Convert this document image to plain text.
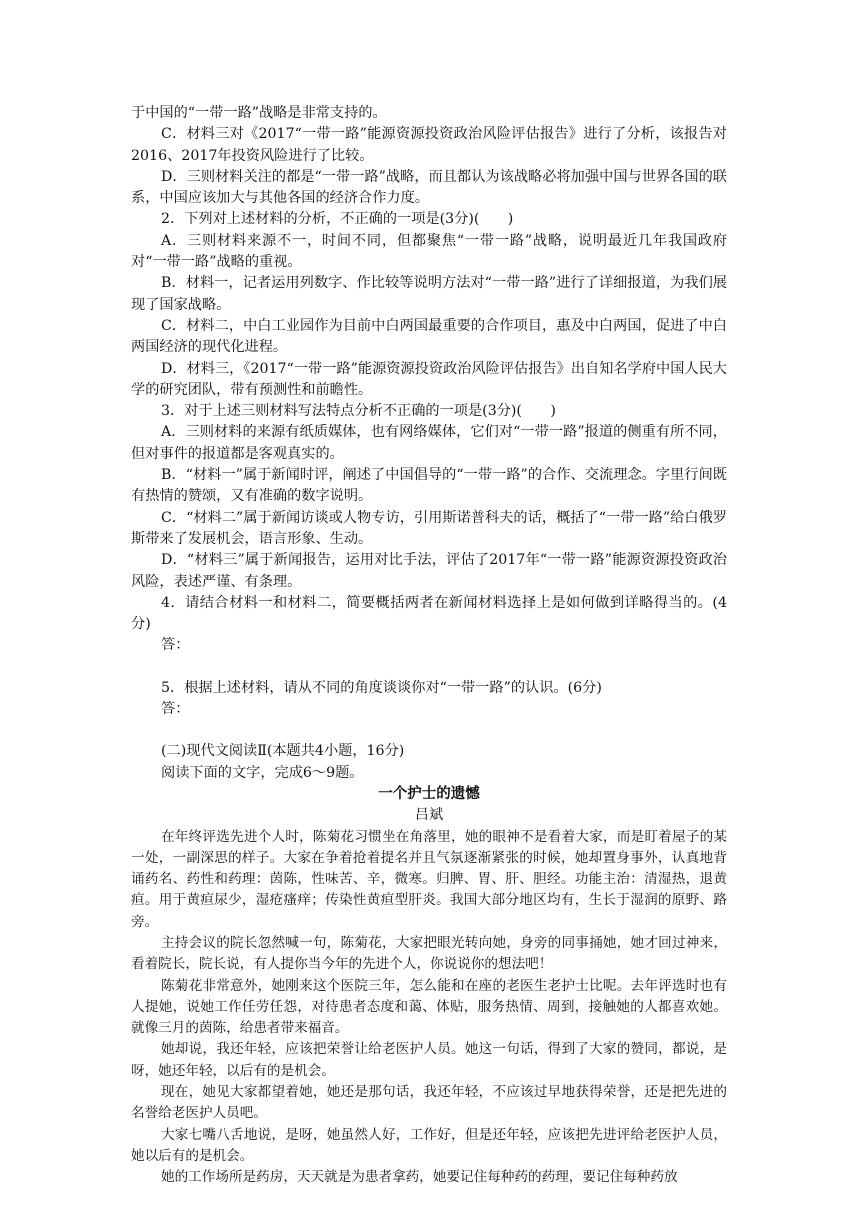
于中国的“一带一路”战略是非常支持的。

C．材料三对《2017“一带一路”能源资源投资政治风险评估报告》进行了分析，该报告对2016、2017年投资风险进行了比较。

D．三则材料关注的都是“一带一路”战略，而且都认为该战略必将加强中国与世界各国的联系，中国应该加大与其他各国的经济合作力度。

2．下列对上述材料的分析，不正确的一项是(3分)(　　)

A．三则材料来源不一，时间不同，但都聚焦“一带一路”战略，说明最近几年我国政府对“一带一路”战略的重视。

B．材料一，记者运用列数字、作比较等说明方法对“一带一路”进行了详细报道，为我们展现了国家战略。

C．材料二，中白工业园作为目前中白两国最重要的合作项目，惠及中白两国，促进了中白两国经济的现代化进程。

D．材料三，《2017“一带一路”能源资源投资政治风险评估报告》出自知名学府中国人民大学的研究团队，带有预测性和前瞻性。

3．对于上述三则材料写法特点分析不正确的一项是(3分)(　　)

A．三则材料的来源有纸质媒体，也有网络媒体，它们对“一带一路”报道的侧重有所不同，但对事件的报道都是客观真实的。

B．“材料一”属于新闻时评，阐述了中国倡导的“一带一路”的合作、交流理念。字里行间既有热情的赞颂，又有准确的数字说明。

C．“材料二”属于新闻访谈或人物专访，引用斯诺普科夫的话，概括了“一带一路”给白俄罗斯带来了发展机会，语言形象、生动。

D．“材料三”属于新闻报告，运用对比手法，评估了2017年“一带一路”能源资源投资政治风险，表述严谨、有条理。

4．请结合材料一和材料二，简要概括两者在新闻材料选择上是如何做到详略得当的。(4分)

答：

5．根据上述材料，请从不同的角度谈谈你对“一带一路”的认识。(6分)

答：

(二)现代文阅读Ⅱ(本题共4小题，16分)

阅读下面的文字，完成6～9题。

一个护士的遗憾

吕斌

在年终评选先进个人时，陈菊花习惯坐在角落里，她的眼神不是看着大家，而是盯着屋子的某一处，一副深思的样子。大家在争着抢着提名并且气氛逐渐紧张的时候，她却置身事外，认真地背诵药名、药性和药理：茵陈，性味苦、辛，微寒。归脾、胃、肝、胆经。功能主治：清湿热，退黄疸。用于黄疸尿少，湿疮瘙痒；传染性黄疸型肝炎。我国大部分地区均有，生长于湿润的原野、路旁。

主持会议的院长忽然喊一句，陈菊花，大家把眼光转向她，身旁的同事捅她，她才回过神来，看着院长，院长说，有人提你当今年的先进个人，你说说你的想法吧！

陈菊花非常意外，她刚来这个医院三年，怎么能和在座的老医生老护士比呢。去年评选时也有人提她，说她工作任劳任怨，对待患者态度和蔼、体贴，服务热情、周到，接触她的人都喜欢她。就像三月的茵陈，给患者带来福音。

她却说，我还年轻，应该把荣誉让给老医护人员。她这一句话，得到了大家的赞同，都说，是呀，她还年轻，以后有的是机会。

现在，她见大家都望着她，她还是那句话，我还年轻，不应该过早地获得荣誉，还是把先进的名誉给老医护人员吧。

大家七嘴八舌地说，是呀，她虽然人好，工作好，但是还年轻，应该把先进评给老医护人员，她以后有的是机会。

她的工作场所是药房，天天就是为患者拿药，她要记住每种药的药理，要记住每种药放
